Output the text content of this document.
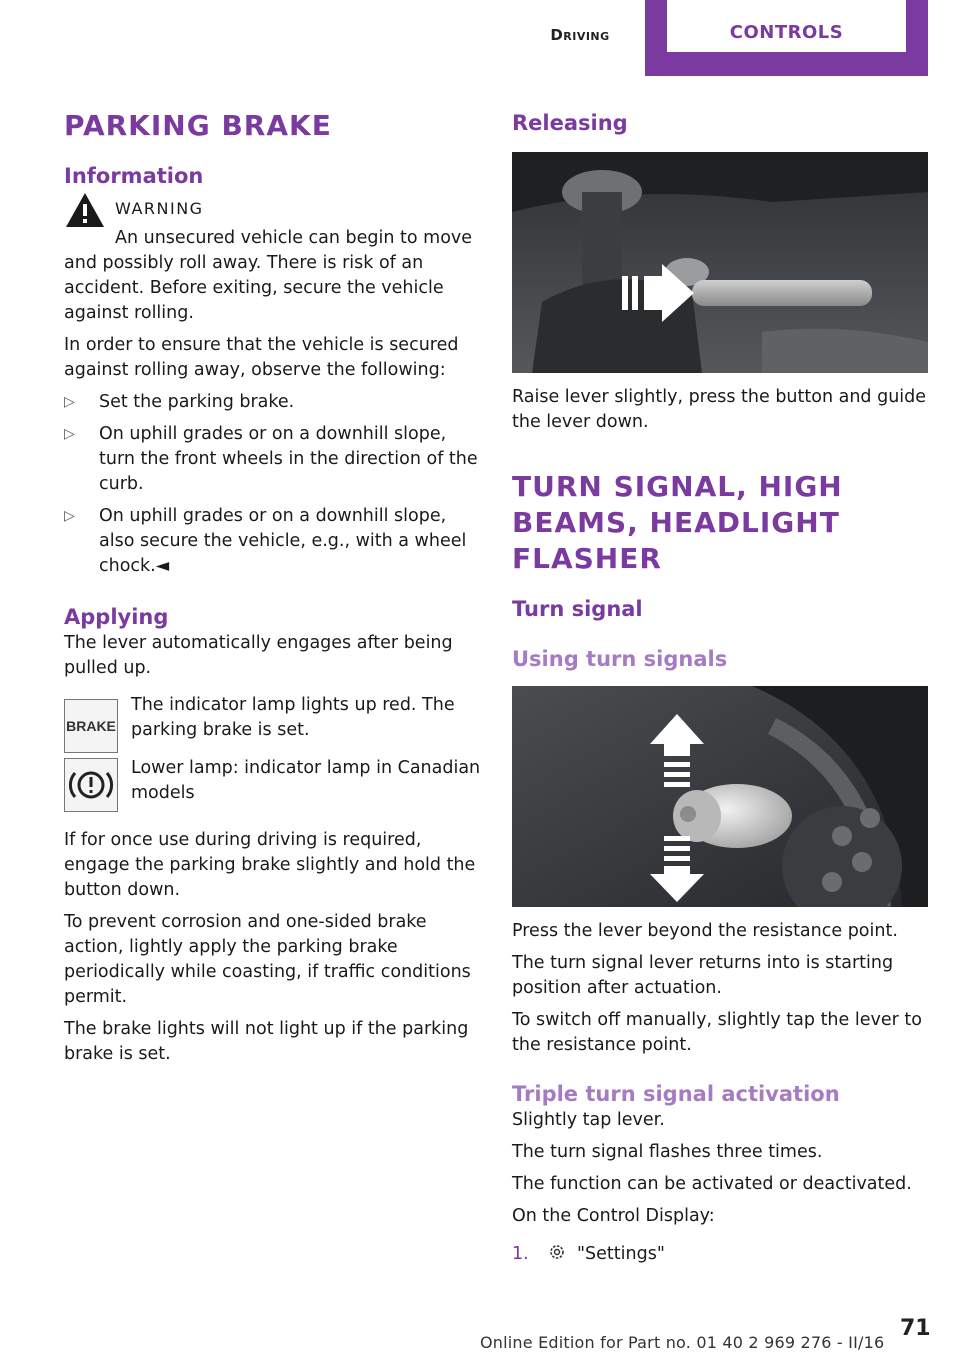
Driving	CONTROLS
PARKING BRAKE
Information
WARNING

An unsecured vehicle can begin to move and possibly roll away. There is risk of an accident. Before exiting, secure the vehicle against rolling.

In order to ensure that the vehicle is secured against rolling away, observe the following:

▷ Set the parking brake.
▷ On uphill grades or on a downhill slope, turn the front wheels in the direction of the curb.
▷ On uphill grades or on a downhill slope, also secure the vehicle, e.g., with a wheel chock.◄
Applying

The lever automatically engages after being pulled up.

BRAKE

The indicator lamp lights up red. The parking brake is set.

Lower lamp: indicator lamp in Canadian models

If for once use during driving is required, engage the parking brake slightly and hold the button down.

To prevent corrosion and one-sided brake action, lightly apply the parking brake periodically while coasting, if traffic conditions permit.

The brake lights will not light up if the parking brake is set.

Releasing

Raise lever slightly, press the button and guide the lever down.

TURN SIGNAL, HIGH BEAMS, HEADLIGHT FLASHER
Turn signal
Using turn signals

Press the lever beyond the resistance point.

The turn signal lever returns into is starting position after actuation.

To switch off manually, slightly tap the lever to the resistance point.

Triple turn signal activation

Slightly tap lever.

The turn signal flashes three times.

The function can be activated or deactivated.

On the Control Display:

1.	"Settings"
Online Edition for Part no. 01 40 2 969 276 - II/16
71
